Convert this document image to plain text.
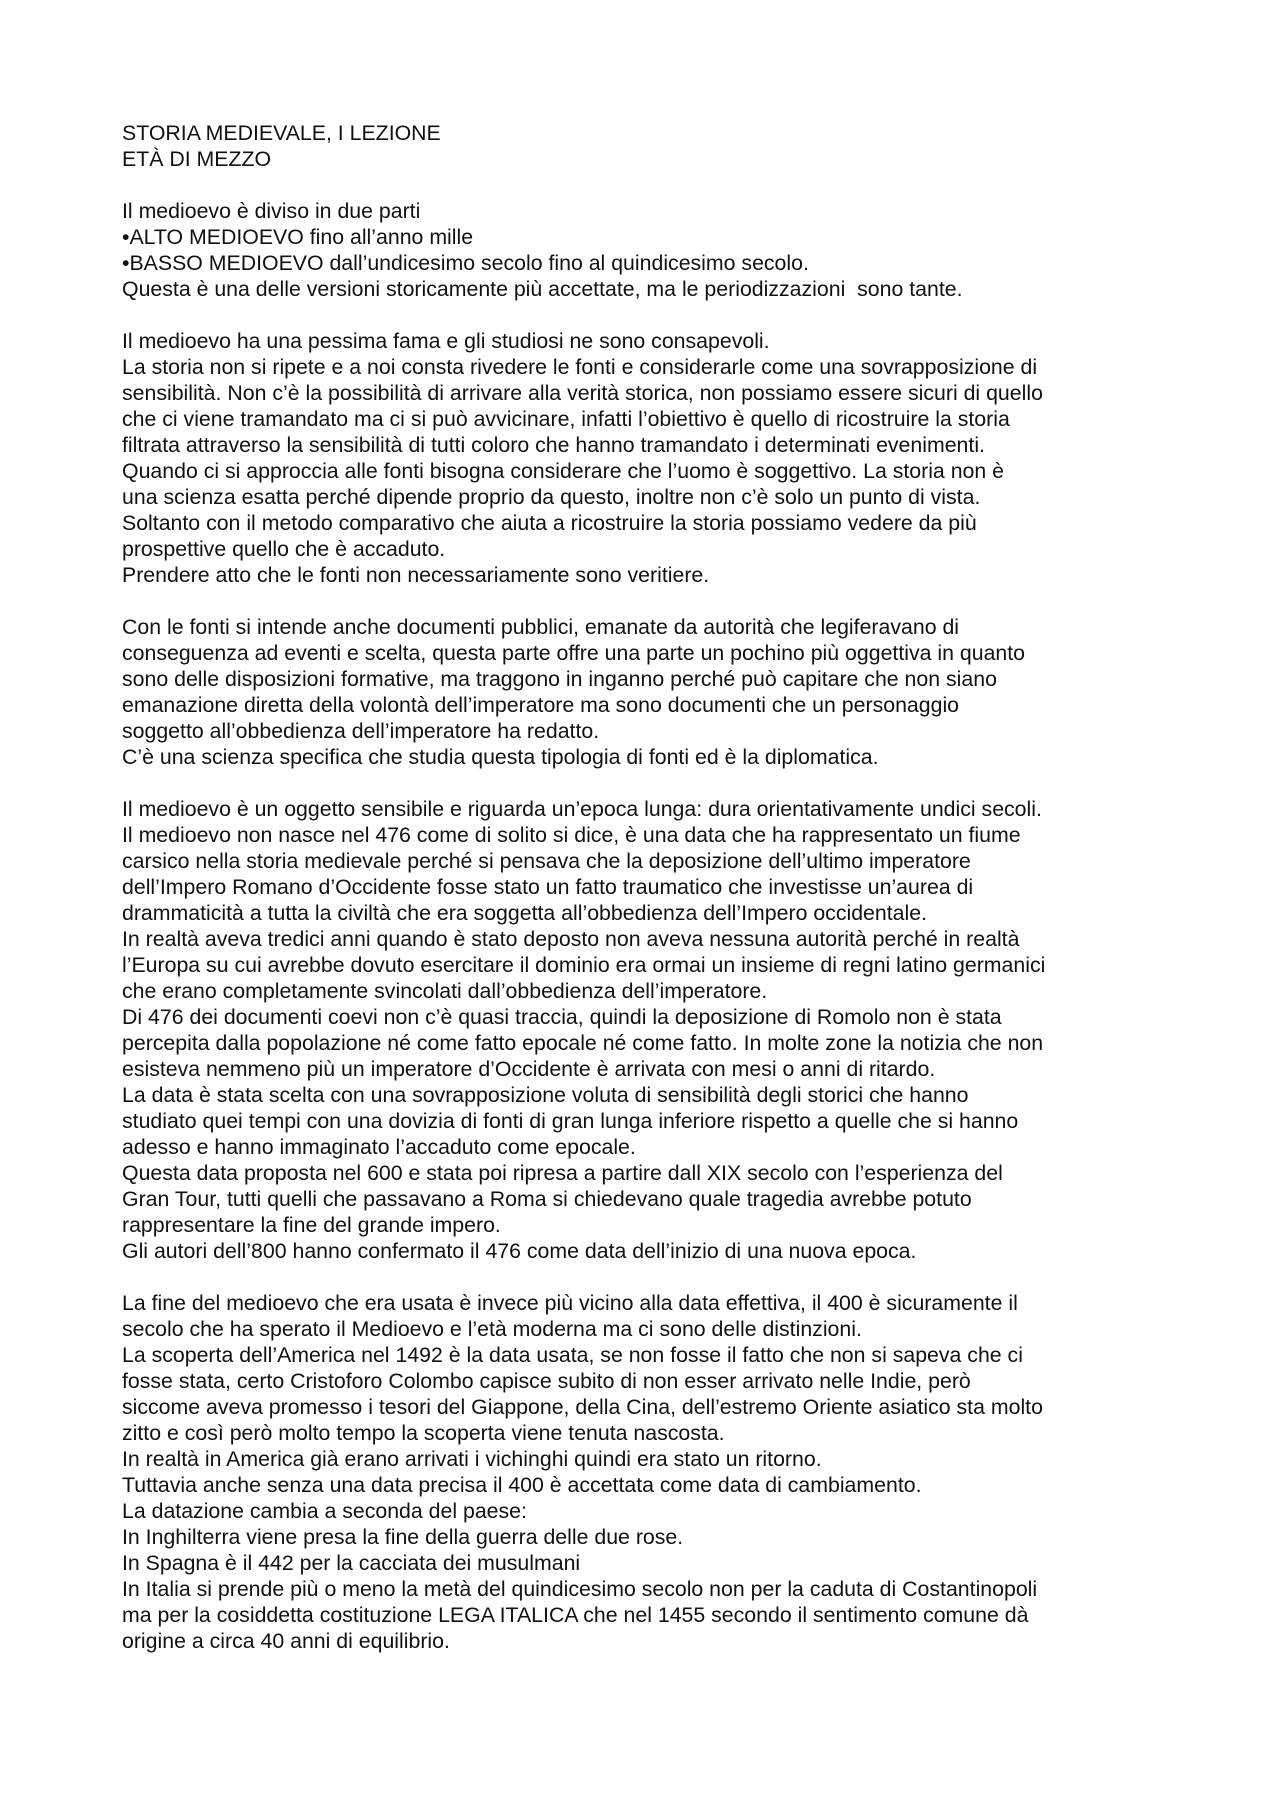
STORIA MEDIEVALE, I LEZIONE
ETÀ DI MEZZO
Il medioevo è diviso in due parti
•ALTO MEDIOEVO fino all’anno mille
•BASSO MEDIOEVO dall’undicesimo secolo fino al quindicesimo secolo.
Questa è una delle versioni storicamente più accettate, ma le periodizzazioni  sono tante.
Il medioevo ha una pessima fama e gli studiosi ne sono consapevoli.
La storia non si ripete e a noi consta rivedere le fonti e considerarle come una sovrapposizione di
sensibilità. Non c’è la possibilità di arrivare alla verità storica, non possiamo essere sicuri di quello
che ci viene tramandato ma ci si può avvicinare, infatti l’obiettivo è quello di ricostruire la storia
filtrata attraverso la sensibilità di tutti coloro che hanno tramandato i determinati evenimenti.
Quando ci si approccia alle fonti bisogna considerare che l’uomo è soggettivo. La storia non è
una scienza esatta perché dipende proprio da questo, inoltre non c’è solo un punto di vista.
Soltanto con il metodo comparativo che aiuta a ricostruire la storia possiamo vedere da più
prospettive quello che è accaduto.
Prendere atto che le fonti non necessariamente sono veritiere.
Con le fonti si intende anche documenti pubblici, emanate da autorità che legiferavano di
conseguenza ad eventi e scelta, questa parte offre una parte un pochino più oggettiva in quanto
sono delle disposizioni formative, ma traggono in inganno perché può capitare che non siano
emanazione diretta della volontà dell’imperatore ma sono documenti che un personaggio
soggetto all’obbedienza dell’imperatore ha redatto.
C’è una scienza specifica che studia questa tipologia di fonti ed è la diplomatica.
Il medioevo è un oggetto sensibile e riguarda un’epoca lunga: dura orientativamente undici secoli.
Il medioevo non nasce nel 476 come di solito si dice, è una data che ha rappresentato un fiume
carsico nella storia medievale perché si pensava che la deposizione dell’ultimo imperatore
dell’Impero Romano d’Occidente fosse stato un fatto traumatico che investisse un’aurea di
drammaticità a tutta la civiltà che era soggetta all’obbedienza dell’Impero occidentale.
In realtà aveva tredici anni quando è stato deposto non aveva nessuna autorità perché in realtà
l’Europa su cui avrebbe dovuto esercitare il dominio era ormai un insieme di regni latino germanici
che erano completamente svincolati dall’obbedienza dell’imperatore.
Di 476 dei documenti coevi non c’è quasi traccia, quindi la deposizione di Romolo non è stata
percepita dalla popolazione né come fatto epocale né come fatto. In molte zone la notizia che non
esisteva nemmeno più un imperatore d’Occidente è arrivata con mesi o anni di ritardo.
La data è stata scelta con una sovrapposizione voluta di sensibilità degli storici che hanno
studiato quei tempi con una dovizia di fonti di gran lunga inferiore rispetto a quelle che si hanno
adesso e hanno immaginato l’accaduto come epocale.
Questa data proposta nel 600 e stata poi ripresa a partire dall XIX secolo con l’esperienza del
Gran Tour, tutti quelli che passavano a Roma si chiedevano quale tragedia avrebbe potuto
rappresentare la fine del grande impero.
Gli autori dell’800 hanno confermato il 476 come data dell’inizio di una nuova epoca.
La fine del medioevo che era usata è invece più vicino alla data effettiva, il 400 è sicuramente il
secolo che ha sperato il Medioevo e l’età moderna ma ci sono delle distinzioni.
La scoperta dell’America nel 1492 è la data usata, se non fosse il fatto che non si sapeva che ci
fosse stata, certo Cristoforo Colombo capisce subito di non esser arrivato nelle Indie, però
siccome aveva promesso i tesori del Giappone, della Cina, dell’estremo Oriente asiatico sta molto
zitto e così però molto tempo la scoperta viene tenuta nascosta.
In realtà in America già erano arrivati i vichinghi quindi era stato un ritorno.
Tuttavia anche senza una data precisa il 400 è accettata come data di cambiamento.
La datazione cambia a seconda del paese:
In Inghilterra viene presa la fine della guerra delle due rose.
In Spagna è il 442 per la cacciata dei musulmani
In Italia si prende più o meno la metà del quindicesimo secolo non per la caduta di Costantinopoli
ma per la cosiddetta costituzione LEGA ITALICA che nel 1455 secondo il sentimento comune dà
origine a circa 40 anni di equilibrio.
